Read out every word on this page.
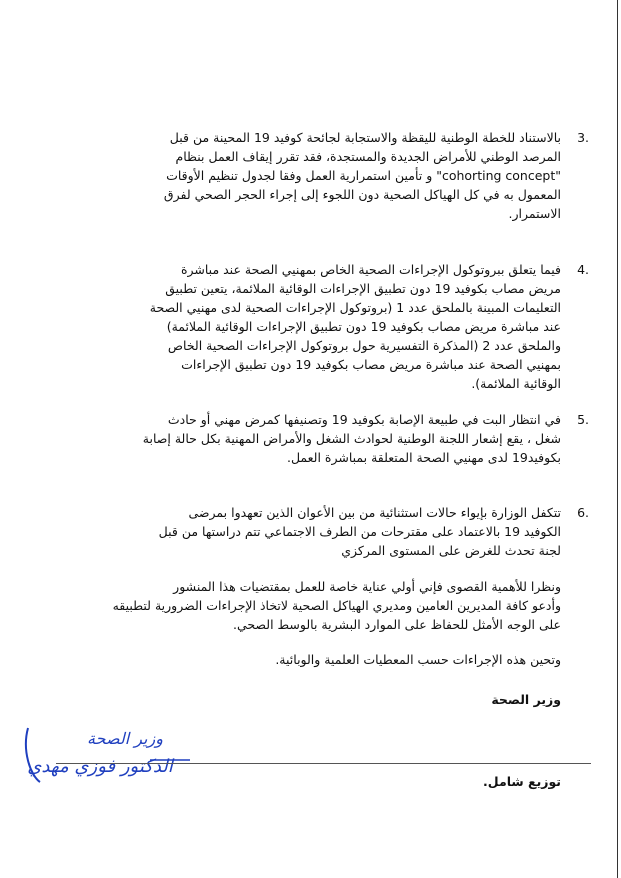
3.
بالاستناد للخطة الوطنية لليقظة والاستجابة لجائحة كوفيد 19 المحينة من قبل
المرصد الوطني للأمراض الجديدة والمستجدة، فقد تقرر إيقاف العمل بنظام
"cohorting concept" و تأمين استمرارية العمل وفقا لجدول تنظيم الأوقات
المعمول به في كل الهياكل الصحية دون اللجوء إلى إجراء الحجر الصحي لفرق
الاستمرار.
4.
فيما يتعلق ببروتوكول الإجراءات الصحية الخاص بمهنيي الصحة عند مباشرة
مريض مصاب بكوفيد 19 دون تطبيق الإجراءات الوقائية الملائمة، يتعين تطبيق
التعليمات المبينة بالملحق عدد 1 (بروتوكول الإجراءات الصحية لدى مهنيي الصحة
عند مباشرة مريض مصاب بكوفيد 19 دون تطبيق الإجراءات الوقائية الملائمة)
والملحق عدد 2 (المذكرة التفسيرية حول بروتوكول الإجراءات الصحية الخاص
بمهنيي الصحة عند مباشرة مريض مصاب بكوفيد 19 دون تطبيق الإجراءات
الوقائية الملائمة).
5.
في انتظار البت في طبيعة الإصابة بكوفيد 19 وتصنيفها كمرض مهني أو حادث
شغل ، يقع إشعار اللجنة الوطنية لحوادث الشغل والأمراض المهنية بكل حالة إصابة
بكوفيد19 لدى مهنيي الصحة المتعلقة بمباشرة العمل.
6.
تتكفل الوزارة بإيواء حالات استثنائية من بين الأعوان الذين تعهدوا بمرضى
الكوفيد 19 بالاعتماد على مقترحات من الطرف الاجتماعي تتم دراستها من قبل
لجنة تحدث للغرض على المستوى المركزي
ونظرا للأهمية القصوى فإني أولي عناية خاصة للعمل بمقتضيات هذا المنشور
وأدعو كافة المديرين العامين ومديري الهياكل الصحية لاتخاذ الإجراءات الضرورية لتطبيقه
على الوجه الأمثل للحفاظ على الموارد البشرية بالوسط الصحي.
وتحين هذه الإجراءات حسب المعطيات العلمية والوبائية.
وزير الصحة
وزير الصحة
الدكتور فوزي مهدي
توزيع شامل.
